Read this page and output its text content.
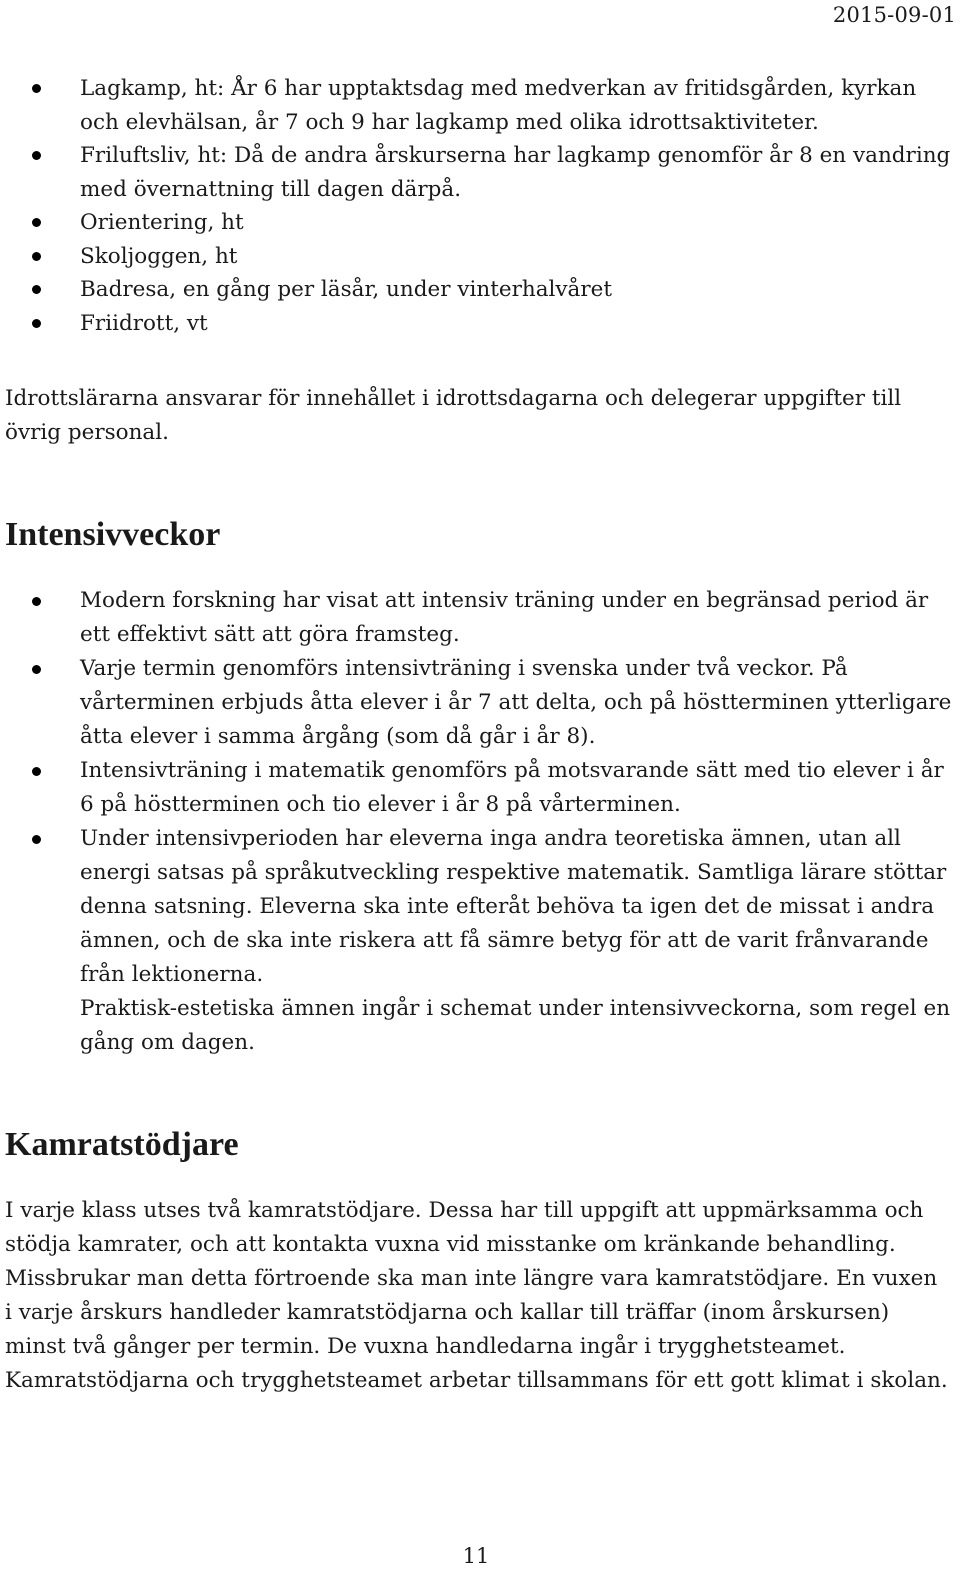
2015-09-01
Lagkamp, ht: År 6 har upptaktsdag med medverkan av fritidsgården, kyrkan och elevhälsan, år 7 och 9 har lagkamp med olika idrottsaktiviteter.
Friluftsliv, ht: Då de andra årskurserna har lagkamp genomför år 8 en vandring med övernattning till dagen därpå.
Orientering, ht
Skoljoggen, ht
Badresa, en gång per läsår, under vinterhalvåret
Friidrott, vt

Idrottslärarna ansvarar för innehållet i idrottsdagarna och delegerar uppgifter till övrig personal.

Intensivveckor
Modern forskning har visat att intensiv träning under en begränsad period är ett effektivt sätt att göra framsteg.
Varje termin genomförs intensivträning i svenska under två veckor. På vårterminen erbjuds åtta elever i år 7 att delta, och på höstterminen ytterligare åtta elever i samma årgång (som då går i år 8).
Intensivträning i matematik genomförs på motsvarande sätt med tio elever i år 6 på höstterminen och tio elever i år 8 på vårterminen.
Under intensivperioden har eleverna inga andra teoretiska ämnen, utan all energi satsas på språkutveckling respektive matematik. Samtliga lärare stöttar denna satsning. Eleverna ska inte efteråt behöva ta igen det de missat i andra ämnen, och de ska inte riskera att få sämre betyg för att de varit frånvarande från lektionerna.
Praktisk-estetiska ämnen ingår i schemat under intensivveckorna, som regel en gång om dagen.
Kamratstödjare

I varje klass utses två kamratstödjare. Dessa har till uppgift att uppmärksamma och stödja kamrater, och att kontakta vuxna vid misstanke om kränkande behandling. Missbrukar man detta förtroende ska man inte längre vara kamratstödjare. En vuxen i varje årskurs handleder kamratstödjarna och kallar till träffar (inom årskursen) minst två gånger per termin. De vuxna handledarna ingår i trygghetsteamet. Kamratstödjarna och trygghetsteamet arbetar tillsammans för ett gott klimat i skolan.

11
